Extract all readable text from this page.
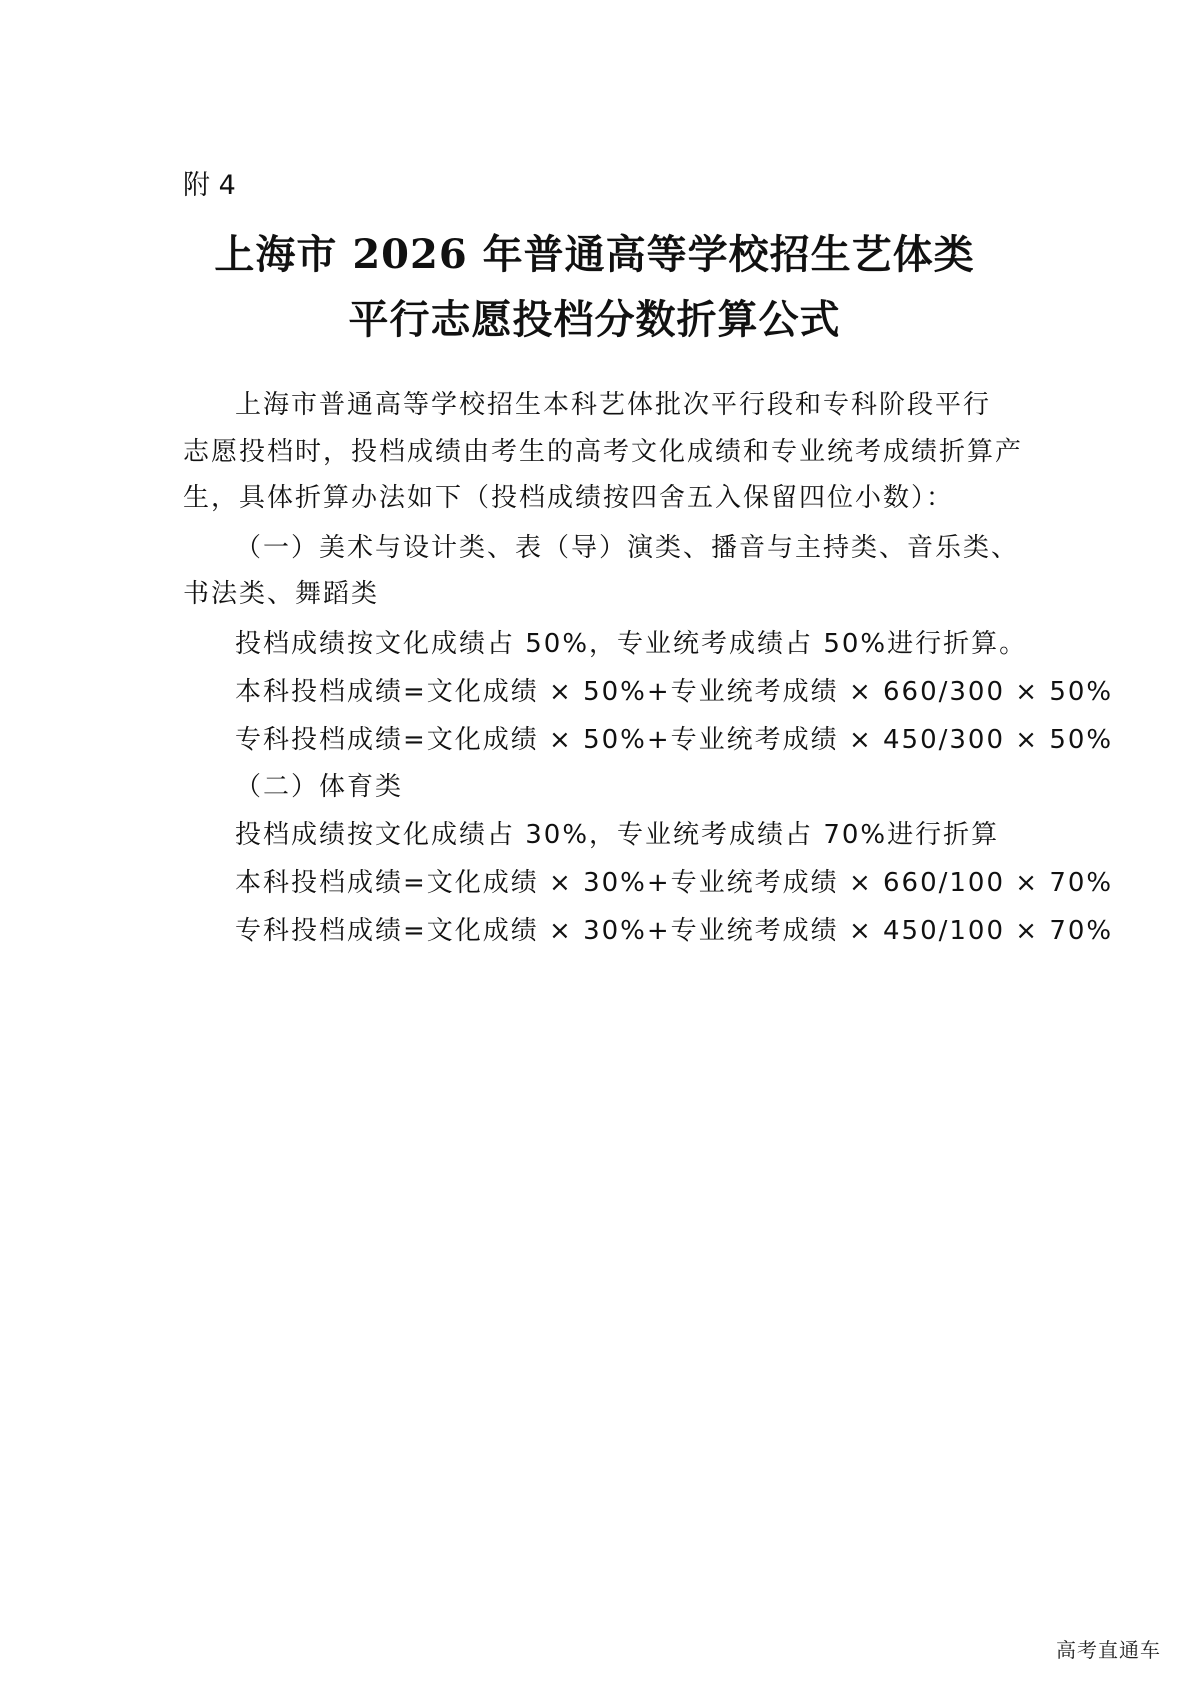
附 4
上海市 2026 年普通高等学校招生艺体类
平行志愿投档分数折算公式
上海市普通高等学校招生本科艺体批次平行段和专科阶段平行
志愿投档时，投档成绩由考生的高考文化成绩和专业统考成绩折算产
生，具体折算办法如下（投档成绩按四舍五入保留四位小数）：
（一）美术与设计类、表（导）演类、播音与主持类、音乐类、
书法类、舞蹈类
投档成绩按文化成绩占 50%，专业统考成绩占 50%进行折算。
本科投档成绩=文化成绩 × 50%+专业统考成绩 × 660/300 × 50%
专科投档成绩=文化成绩 × 50%+专业统考成绩 × 450/300 × 50%
（二）体育类
投档成绩按文化成绩占 30%，专业统考成绩占 70%进行折算
本科投档成绩=文化成绩 × 30%+专业统考成绩 × 660/100 × 70%
专科投档成绩=文化成绩 × 30%+专业统考成绩 × 450/100 × 70%
高考直通车
